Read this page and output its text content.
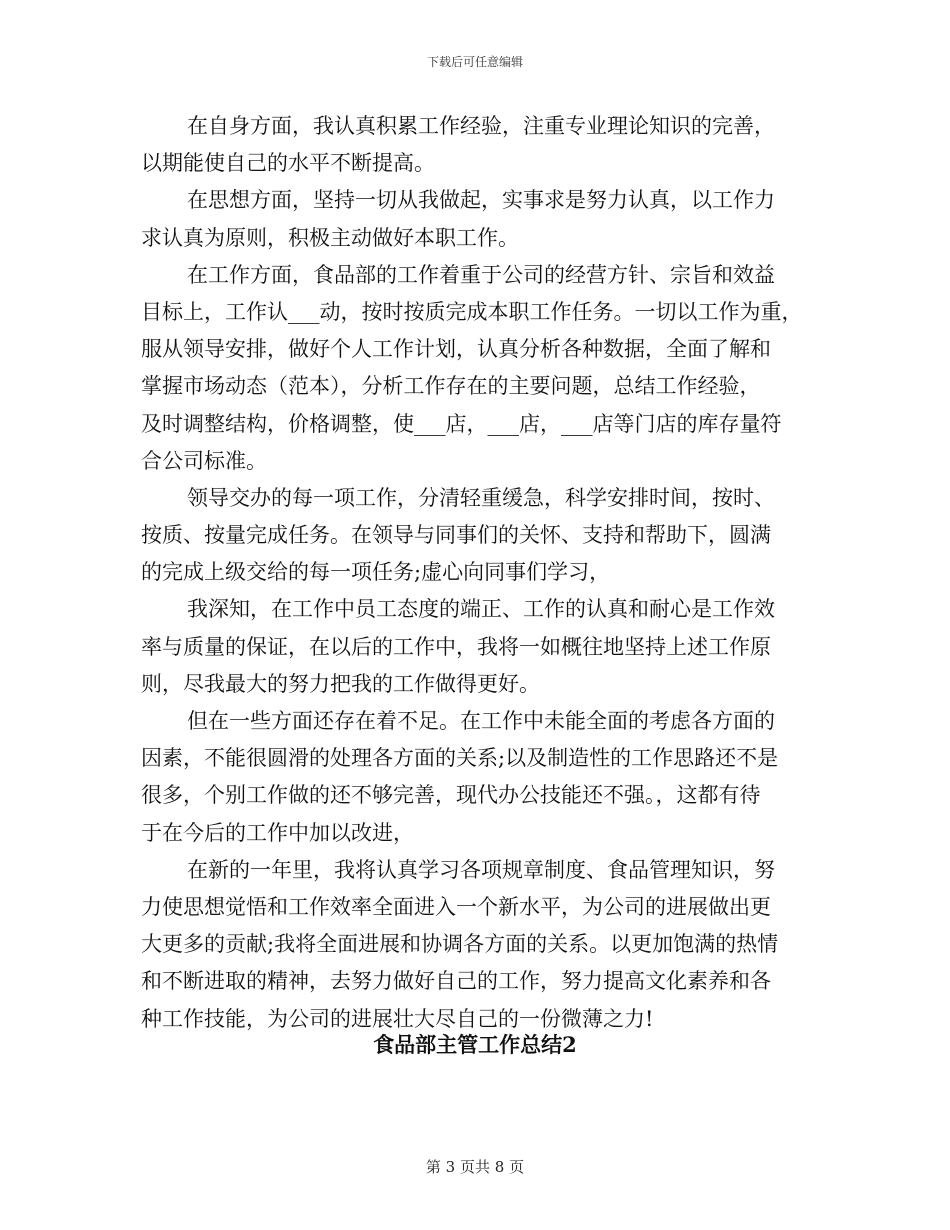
下载后可任意编辑
在自身方面，我认真积累工作经验，注重专业理论知识的完善，
以期能使自己的水平不断提高。
在思想方面，坚持一切从我做起，实事求是努力认真，以工作力
求认真为原则，积极主动做好本职工作。
在工作方面，食品部的工作着重于公司的经营方针、宗旨和效益
目标上，工作认___动，按时按质完成本职工作任务。一切以工作为重，
服从领导安排，做好个人工作计划，认真分析各种数据，全面了解和
掌握市场动态（范本），分析工作存在的主要问题，总结工作经验，
及时调整结构，价格调整，使___店，___店，___店等门店的库存量符
合公司标准。
领导交办的每一项工作，分清轻重缓急，科学安排时间，按时、
按质、按量完成任务。在领导与同事们的关怀、支持和帮助下，圆满
的完成上级交给的每一项任务;虚心向同事们学习，
我深知，在工作中员工态度的端正、工作的认真和耐心是工作效
率与质量的保证，在以后的工作中，我将一如概往地坚持上述工作原
则，尽我最大的努力把我的工作做得更好。
但在一些方面还存在着不足。在工作中未能全面的考虑各方面的
因素，不能很圆滑的处理各方面的关系;以及制造性的工作思路还不是
很多，个别工作做的还不够完善，现代办公技能还不强。，这都有待
于在今后的工作中加以改进，
在新的一年里，我将认真学习各项规章制度、食品管理知识，努
力使思想觉悟和工作效率全面进入一个新水平，为公司的进展做出更
大更多的贡献;我将全面进展和协调各方面的关系。以更加饱满的热情
和不断进取的精神，去努力做好自己的工作，努力提高文化素养和各
种工作技能，为公司的进展壮大尽自己的一份微薄之力!
食品部主管工作总结2
第 3 页共 8 页
